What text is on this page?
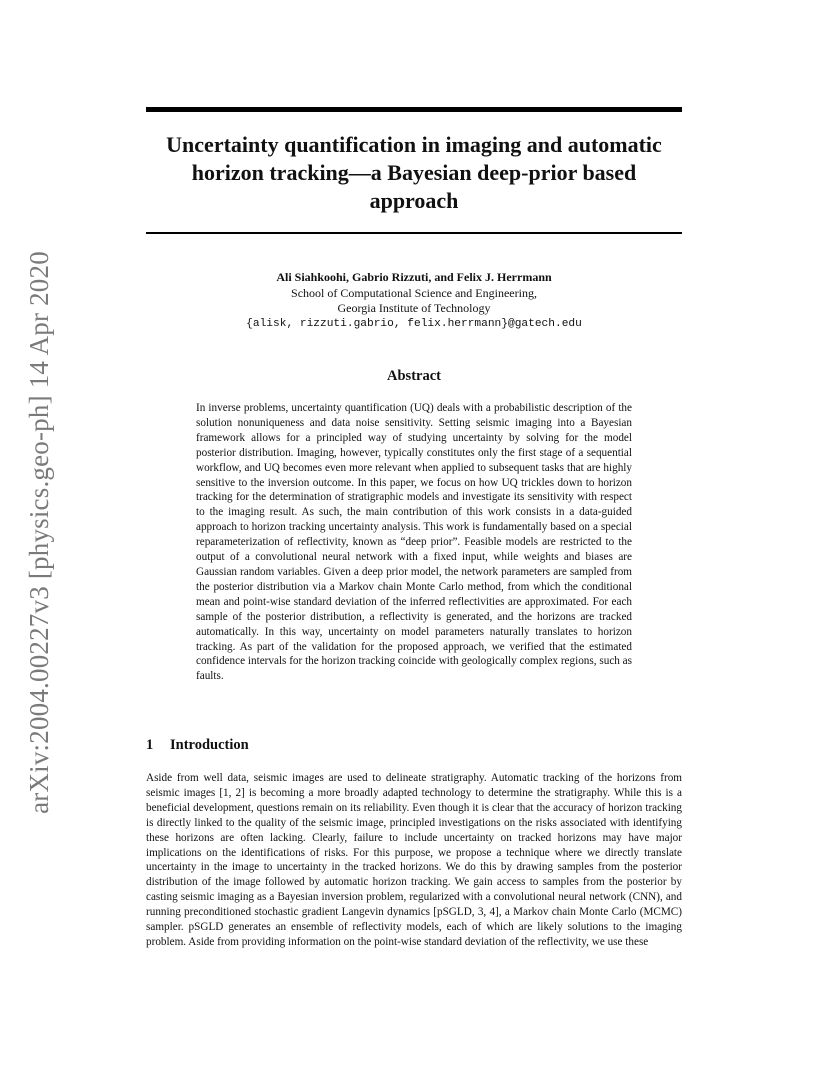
arXiv:2004.00227v3 [physics.geo-ph] 14 Apr 2020
Uncertainty quantification in imaging and automatic horizon tracking—a Bayesian deep-prior based approach
Ali Siahkoohi, Gabrio Rizzuti, and Felix J. Herrmann
School of Computational Science and Engineering,
Georgia Institute of Technology
{alisk, rizzuti.gabrio, felix.herrmann}@gatech.edu
Abstract

In inverse problems, uncertainty quantification (UQ) deals with a probabilistic description of the solution nonuniqueness and data noise sensitivity. Setting seismic imaging into a Bayesian framework allows for a principled way of studying uncertainty by solving for the model posterior distribution. Imaging, however, typically constitutes only the first stage of a sequential workflow, and UQ becomes even more relevant when applied to subsequent tasks that are highly sensitive to the inversion outcome. In this paper, we focus on how UQ trickles down to horizon tracking for the determination of stratigraphic models and investigate its sensitivity with respect to the imaging result. As such, the main contribution of this work consists in a data-guided approach to horizon tracking uncertainty analysis. This work is fundamentally based on a special reparameterization of reflectivity, known as “deep prior”. Feasible models are restricted to the output of a convolutional neural network with a fixed input, while weights and biases are Gaussian random variables. Given a deep prior model, the network parameters are sampled from the posterior distribution via a Markov chain Monte Carlo method, from which the conditional mean and point-wise standard deviation of the inferred reflectivities are approximated. For each sample of the posterior distribution, a reflectivity is generated, and the horizons are tracked automatically. In this way, uncertainty on model parameters naturally translates to horizon tracking. As part of the validation for the proposed approach, we verified that the estimated confidence intervals for the horizon tracking coincide with geologically complex regions, such as faults.

1 Introduction

Aside from well data, seismic images are used to delineate stratigraphy. Automatic tracking of the horizons from seismic images [1, 2] is becoming a more broadly adapted technology to determine the stratigraphy. While this is a beneficial development, questions remain on its reliability. Even though it is clear that the accuracy of horizon tracking is directly linked to the quality of the seismic image, principled investigations on the risks associated with identifying these horizons are often lacking. Clearly, failure to include uncertainty on tracked horizons may have major implications on the identifications of risks. For this purpose, we propose a technique where we directly translate uncertainty in the image to uncertainty in the tracked horizons. We do this by drawing samples from the posterior distribution of the image followed by automatic horizon tracking. We gain access to samples from the posterior by casting seismic imaging as a Bayesian inversion problem, regularized with a convolutional neural network (CNN), and running preconditioned stochastic gradient Langevin dynamics [pSGLD, 3, 4], a Markov chain Monte Carlo (MCMC) sampler. pSGLD generates an ensemble of reflectivity models, each of which are likely solutions to the imaging problem. Aside from providing information on the point-wise standard deviation of the reflectivity, we use these
